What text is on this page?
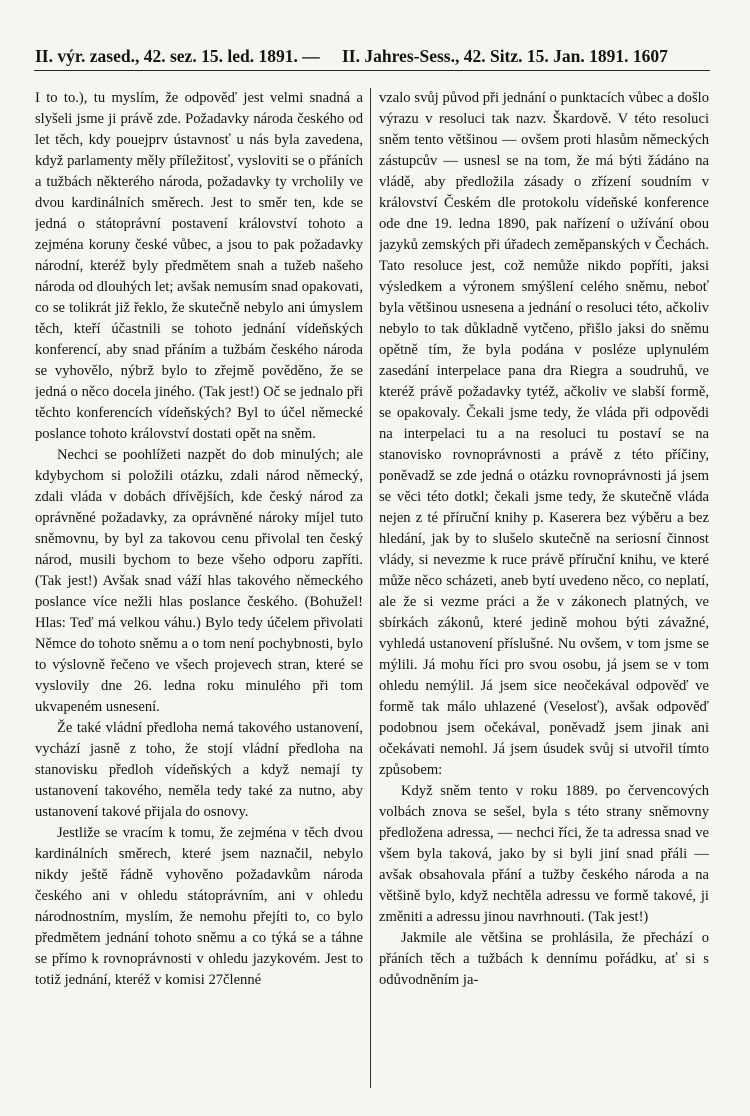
II. výr. zased., 42. sez. 15. led. 1891. — II. Jahres-Sess., 42. Sitz. 15. Jan. 1891. 1607

I to to.), tu myslím, že odpověď jest velmi snadná a slyšeli jsme ji právě zde. Požadavky národa českého od let těch, kdy pouejprv ústavnosť u nás byla zavedena, když parlamenty měly příležitosť, vysloviti se o přáních a tužbách některého národa, požadavky ty vrcholily ve dvou kardinálních směrech. Jest to směr ten, kde se jedná o státoprávní postavení království tohoto a zejména koruny české vůbec, a jsou to pak požadavky národní, kteréž byly předmětem snah a tužeb našeho národa od dlouhých let; avšak nemusím snad opakovati, co se tolikrát již řeklo, že skutečně nebylo ani úmyslem těch, kteří účastnili se tohoto jednání vídeňských konferencí, aby snad přáním a tužbám českého národa se vyhovělo, nýbrž bylo to zřejmě pověděno, že se jedná o něco docela jiného. (Tak jest!) Oč se jednalo při těchto konferencích vídeňských? Byl to účel německé poslance tohoto království dostati opět na sněm.

Nechci se poohlížeti nazpět do dob minulých; ale kdybychom si položili otázku, zdali národ německý, zdali vláda v dobách dřívějších, kde český národ za oprávněné požadavky, za oprávněné nároky míjel tuto sněmovnu, by byl za takovou cenu přivolal ten český národ, musili bychom to beze všeho odporu zapříti. (Tak jest!) Avšak snad váží hlas takového německého poslance více nežli hlas poslance českého. (Bohužel! Hlas: Teď má velkou váhu.) Bylo tedy účelem přivolati Němce do tohoto sněmu a o tom není pochybnosti, bylo to výslovně řečeno ve všech projevech stran, které se vyslovily dne 26. ledna roku minulého při tom ukvapeném usnesení.

Že také vládní předloha nemá takového ustanovení, vychází jasně z toho, že stojí vládní předloha na stanovisku předloh vídeňských a když nemají ty ustanovení takového, neměla tedy také za nutno, aby ustanovení takové přijala do osnovy.

Jestliže se vracím k tomu, že zejména v těch dvou kardinálních směrech, které jsem naznačil, nebylo nikdy ještě řádně vyhověno požadavkům národa českého ani v ohledu státoprávním, ani v ohledu národnostním, myslím, že nemohu přejíti to, co bylo předmětem jednání tohoto sněmu a co týká se a táhne se přímo k rovnoprávnosti v ohledu jazykovém. Jest to totiž jednání, kteréž v komisi 27členné

vzalo svůj původ při jednání o punktacích vůbec a došlo výrazu v resoluci tak nazv. Škardově. V této resoluci sněm tento většinou — ovšem proti hlasům německých zástupcův — usnesl se na tom, že má býti žádáno na vládě, aby předložila zásady o zřízení soudním v království Českém dle protokolu vídeňské konference ode dne 19. ledna 1890, pak nařízení o užívání obou jazyků zemských při úřadech zeměpanských v Čechách. Tato resoluce jest, což nemůže nikdo popříti, jaksi výsledkem a výronem smýšlení celého sněmu, neboť byla většinou usnesena a jednání o resoluci této, ačkoliv nebylo to tak důkladně vytčeno, přišlo jaksi do sněmu opětně tím, že byla podána v posléze uplynulém zasedání interpelace pana dra Riegra a soudruhů, ve kteréž právě požadavky tytéž, ačkoliv ve slabší formě, se opakovaly. Čekali jsme tedy, že vláda při odpovědi na interpelaci tu a na resoluci tu postaví se na stanovisko rovnoprávnosti a právě z této příčiny, poněvadž se zde jedná o otázku rovnoprávnosti já jsem se věci této dotkl; čekali jsme tedy, že skutečně vláda nejen z té příruční knihy p. Kaserera bez výběru a bez hledání, jak by to slušelo skutečně na seriosní činnost vlády, si nevezme k ruce právě příruční knihu, ve které může něco scházeti, aneb bytí uvedeno něco, co neplatí, ale že si vezme práci a že v zákonech platných, ve sbírkách zákonů, které jedině mohou býti závažné, vyhledá ustanovení příslušné. Nu ovšem, v tom jsme se mýlili. Já mohu říci pro svou osobu, já jsem se v tom ohledu nemýlil. Já jsem sice neočekával odpověď ve formě tak málo uhlazené (Veselosť), avšak odpověď podobnou jsem očekával, poněvadž jsem jinak ani očekávati nemohl. Já jsem úsudek svůj si utvořil tímto způsobem:

Když sněm tento v roku 1889. po červencových volbách znova se sešel, byla s této strany sněmovny předložena adressa, — nechci říci, že ta adressa snad ve všem byla taková, jako by si byli jiní snad přáli — avšak obsahovala přání a tužby českého národa a na většině bylo, když nechtěla adressu ve formě takové, ji změniti a adressu jinou navrhnouti. (Tak jest!)

Jakmile ale většina se prohlásila, že přechází o přáních těch a tužbách k dennímu pořádku, ať si s odůvodněním ja-
